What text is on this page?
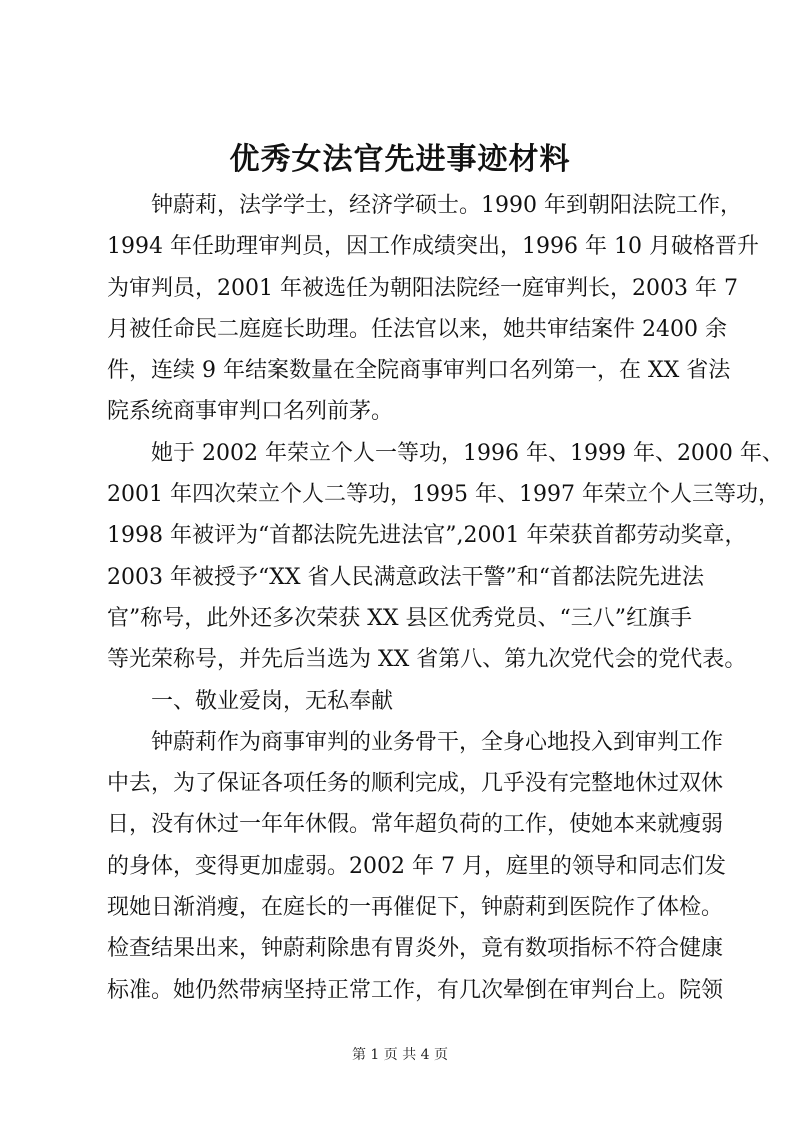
优秀女法官先进事迹材料

钟蔚莉，法学学士，经济学硕士。1990 年到朝阳法院工作，
1994 年任助理审判员，因工作成绩突出，1996 年 10 月破格晋升
为审判员，2001 年被选任为朝阳法院经一庭审判长，2003 年 7
月被任命民二庭庭长助理。任法官以来，她共审结案件 2400 余
件，连续 9 年结案数量在全院商事审判口名列第一，在 XX 省法
院系统商事审判口名列前茅。

她于 2002 年荣立个人一等功，1996 年、1999 年、2000 年、
2001 年四次荣立个人二等功，1995 年、1997 年荣立个人三等功，
1998 年被评为“首都法院先进法官”,2001 年荣获首都劳动奖章，
2003 年被授予“XX 省人民满意政法干警”和“首都法院先进法
官”称号，此外还多次荣获 XX 县区优秀党员、“三八”红旗手
等光荣称号，并先后当选为 XX 省第八、第九次党代会的党代表。

一、敬业爱岗，无私奉献

钟蔚莉作为商事审判的业务骨干，全身心地投入到审判工作
中去，为了保证各项任务的顺利完成，几乎没有完整地休过双休
日，没有休过一年年休假。常年超负荷的工作，使她本来就瘦弱
的身体，变得更加虚弱。2002 年 7 月，庭里的领导和同志们发
现她日渐消瘦，在庭长的一再催促下，钟蔚莉到医院作了体检。
检查结果出来，钟蔚莉除患有胃炎外，竟有数项指标不符合健康
标准。她仍然带病坚持正常工作，有几次晕倒在审判台上。院领

第 1 页 共 4 页
